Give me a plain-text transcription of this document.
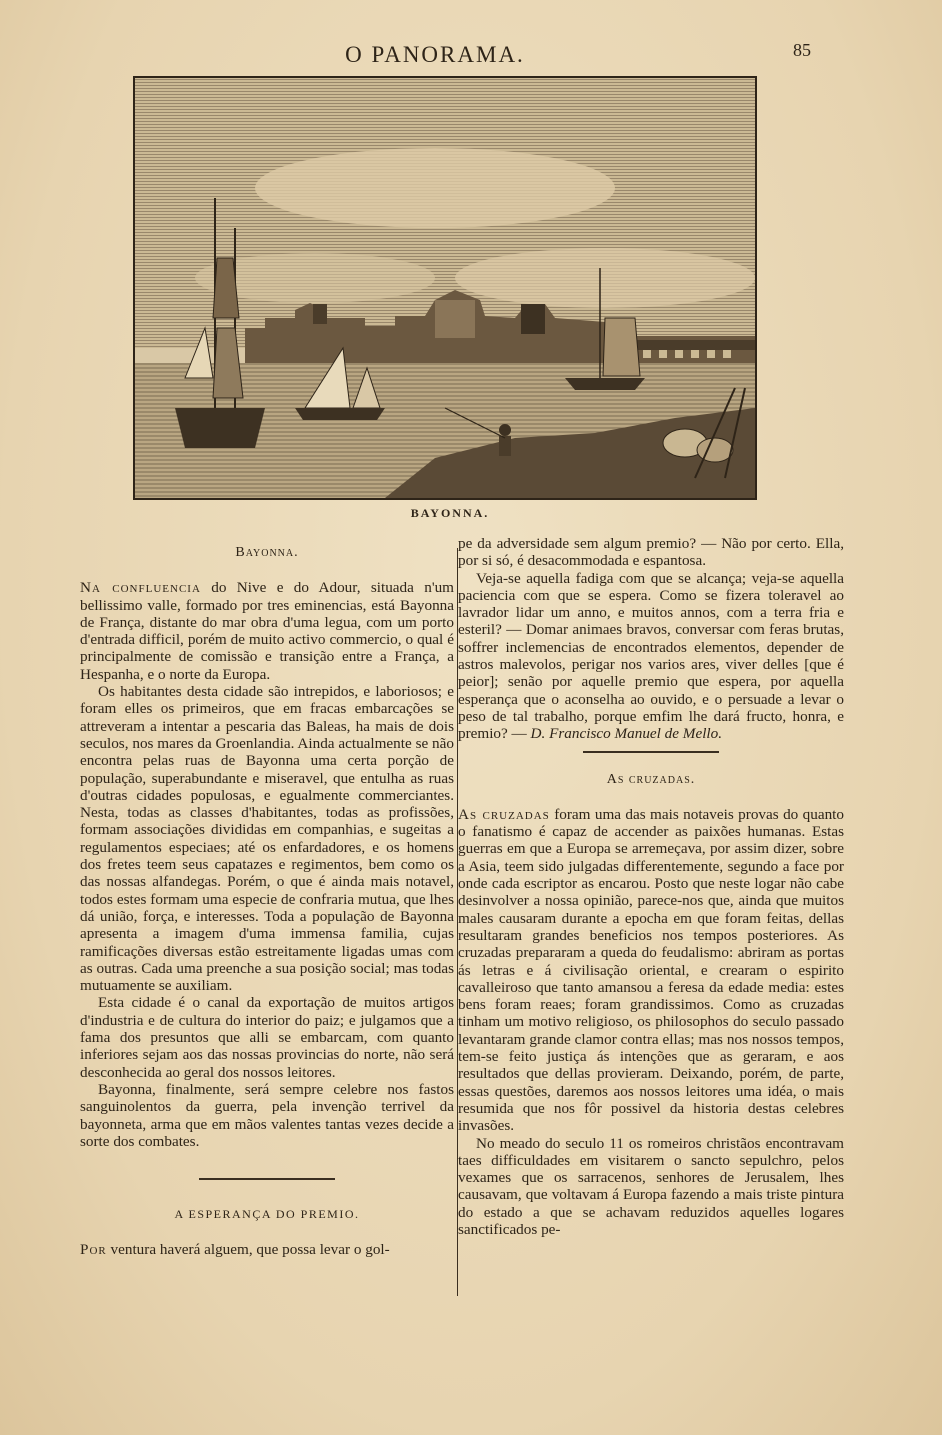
O PANORAMA.	85
BAYONNA.
Bayonna.

Na confluencia do Nive e do Adour, situada n'um bellissimo valle, formado por tres eminencias, está Bayonna de França, distante do mar obra d'uma legua, com um porto d'entrada difficil, porém de muito activo commercio, o qual é principalmente de comissão e transição entre a França, a Hespanha, e o norte da Europa.

Os habitantes desta cidade são intrepidos, e laboriosos; e foram elles os primeiros, que em fracas embarcações se attreveram a intentar a pescaria das Baleas, ha mais de dois seculos, nos mares da Groenlandia. Ainda actualmente se não encontra pelas ruas de Bayonna uma certa porção de população, superabundante e miseravel, que entulha as ruas d'outras cidades populosas, e egualmente commerciantes. Nesta, todas as classes d'habitantes, todas as profissões, formam associações divididas em companhias, e sugeitas a regulamentos especiaes; até os enfardadores, e os homens dos fretes teem seus capatazes e regimentos, bem como os das nossas alfandegas. Porém, o que é ainda mais notavel, todos estes formam uma especie de confraria mutua, que lhes dá união, força, e interesses. Toda a população de Bayonna apresenta a imagem d'uma immensa familia, cujas ramificações diversas estão estreitamente ligadas umas com as outras. Cada uma preenche a sua posição social; mas todas mutuamente se auxiliam.

Esta cidade é o canal da exportação de muitos artigos d'industria e de cultura do interior do paiz; e julgamos que a fama dos presuntos que alli se embarcam, com quanto inferiores sejam aos das nossas provincias do norte, não será desconhecida ao geral dos nossos leitores.

Bayonna, finalmente, será sempre celebre nos fastos sanguinolentos da guerra, pela invenção terrivel da bayonneta, arma que em mãos valentes tantas vezes decide a sorte dos combates.

A ESPERANÇA DO PREMIO.

Por ventura haverá alguem, que possa levar o gol-

pe da adversidade sem algum premio? — Não por certo. Ella, por si só, é desacommodada e espantosa.

Veja-se aquella fadiga com que se alcança; veja-se aquella paciencia com que se espera. Como se fizera toleravel ao lavrador lidar um anno, e muitos annos, com a terra fria e esteril? — Domar animaes bravos, conversar com feras brutas, soffrer inclemencias de encontrados elementos, depender de astros malevolos, perigar nos varios ares, viver delles [que é peior]; senão por aquelle premio que espera, por aquella esperança que o aconselha ao ouvido, e o persuade a levar o peso de tal trabalho, porque emfim lhe dará fructo, honra, e premio? — D. Francisco Manuel de Mello.

As cruzadas.

As cruzadas foram uma das mais notaveis provas do quanto o fanatismo é capaz de accender as paixões humanas. Estas guerras em que a Europa se arremeçava, por assim dizer, sobre a Asia, teem sido julgadas differentemente, segundo a face por onde cada escriptor as encarou. Posto que neste logar não cabe desinvolver a nossa opinião, parece-nos que, ainda que muitos males causaram durante a epocha em que foram feitas, dellas resultaram grandes beneficios nos tempos posteriores. As cruzadas prepararam a queda do feudalismo: abriram as portas ás letras e á civilisação oriental, e crearam o espirito cavalleiroso que tanto amansou a feresa da edade media: estes bens foram reaes; foram grandissimos. Como as cruzadas tinham um motivo religioso, os philosophos do seculo passado levantaram grande clamor contra ellas; mas nos nossos tempos, tem-se feito justiça ás intenções que as geraram, e aos resultados que dellas provieram. Deixando, porém, de parte, essas questões, daremos aos nossos leitores uma idéa, o mais resumida que nos fôr possivel da historia destas celebres invasões.

No meado do seculo 11 os romeiros christãos encontravam taes difficuldades em visitarem o sancto sepulchro, pelos vexames que os sarracenos, senhores de Jerusalem, lhes causavam, que voltavam á Europa fazendo a mais triste pintura do estado a que se achavam reduzidos aquelles logares sanctificados pe-
